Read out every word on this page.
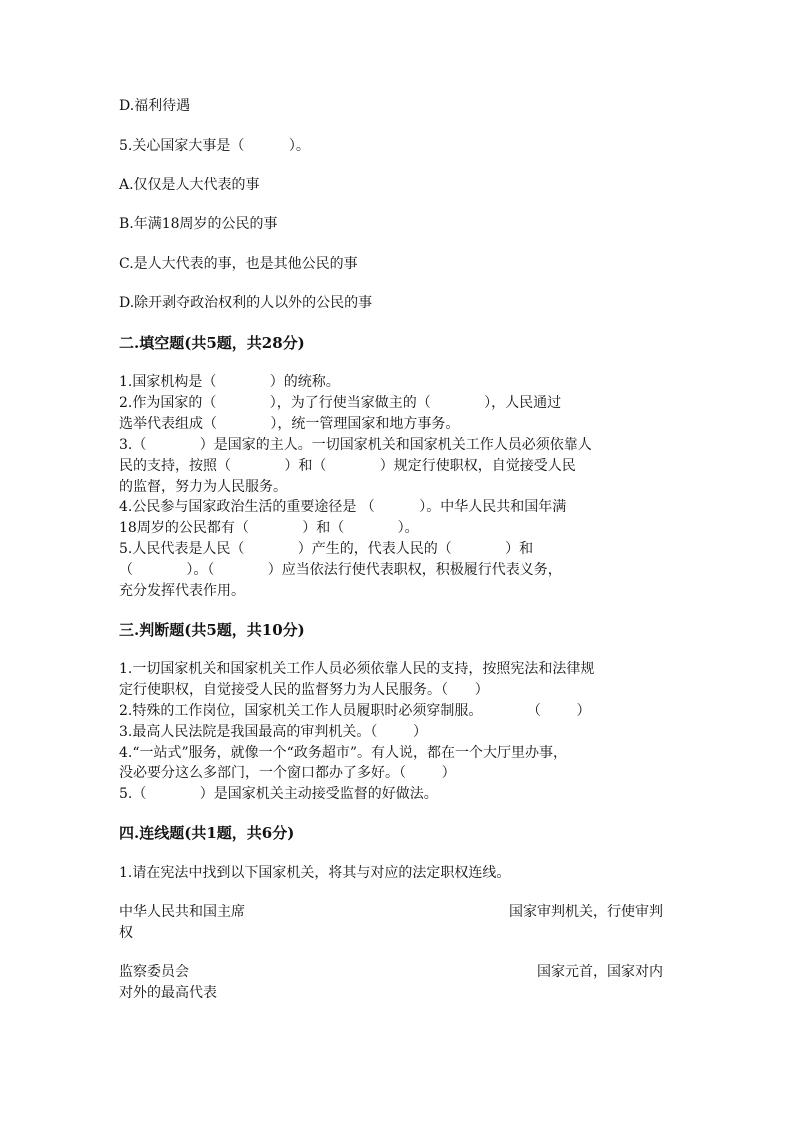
D.福利待遇
5.关心国家大事是（          ）。
A.仅仅是人大代表的事
B.年满18周岁的公民的事
C.是人大代表的事，也是其他公民的事
D.除开剥夺政治权利的人以外的公民的事
二.填空题(共5题，共28分)
1.国家机构是（            ）的统称。
2.作为国家的（            ），为了行使当家做主的（            ），人民通过
选举代表组成（            ），统一管理国家和地方事务。
3.（            ）是国家的主人。一切国家机关和国家机关工作人员必须依靠人
民的支持，按照（            ）和（            ）规定行使职权，自觉接受人民
的监督，努力为人民服务。
4.公民参与国家政治生活的重要途径是 （          ）。中华人民共和国年满
18周岁的公民都有（            ）和（            ）。
5.人民代表是人民（            ）产生的，代表人民的（            ）和
（            ）。（            ）应当依法行使代表职权，积极履行代表义务，
充分发挥代表作用。
三.判断题(共5题，共10分)
1.一切国家机关和国家机关工作人员必须依靠人民的支持，按照宪法和法律规
定行使职权，自觉接受人民的监督努力为人民服务。（      ）
2.特殊的工作岗位，国家机关工作人员履职时必须穿制服。          （        ）
3.最高人民法院是我国最高的审判机关。（        ）
4.“一站式”服务，就像一个“政务超市”。有人说，都在一个大厅里办事，
没必要分这么多部门，一个窗口都办了多好。（        ）
5.（            ）是国家机关主动接受监督的好做法。
四.连线题(共1题，共6分)
1.请在宪法中找到以下国家机关，将其与对应的法定职权连线。
中华人民共和国主席	国家审判机关，行使审判
权
监察委员会	国家元首，国家对内
对外的最高代表
